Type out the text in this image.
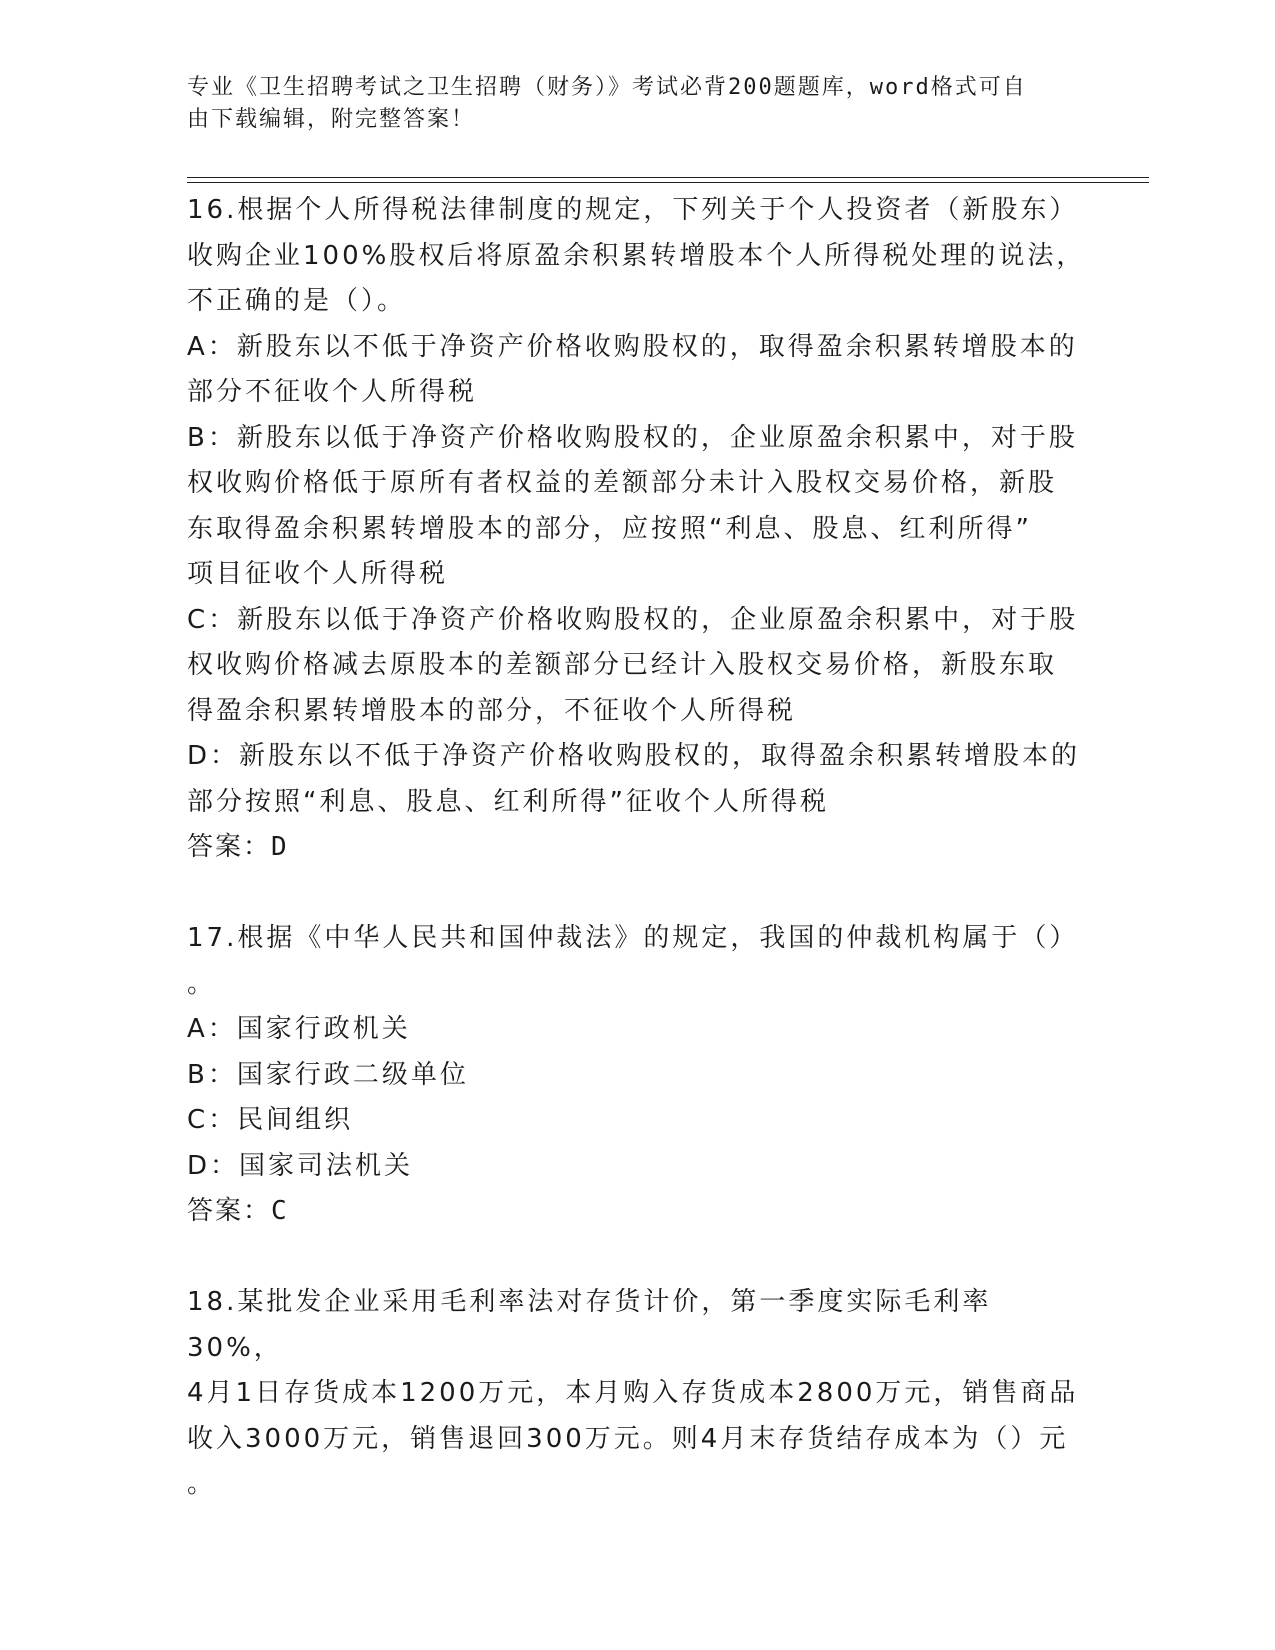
专业《卫生招聘考试之卫生招聘（财务）》考试必背200题题库，word格式可自
由下载编辑，附完整答案！

16.根据个人所得税法律制度的规定，下列关于个人投资者（新股东）

收购企业100%股权后将原盈余积累转增股本个人所得税处理的说法，

不正确的是（）。

A：新股东以不低于净资产价格收购股权的，取得盈余积累转增股本的

部分不征收个人所得税

B：新股东以低于净资产价格收购股权的，企业原盈余积累中，对于股

权收购价格低于原所有者权益的差额部分未计入股权交易价格，新股

东取得盈余积累转增股本的部分，应按照“利息、股息、红利所得”

项目征收个人所得税

C：新股东以低于净资产价格收购股权的，企业原盈余积累中，对于股

权收购价格减去原股本的差额部分已经计入股权交易价格，新股东取

得盈余积累转增股本的部分，不征收个人所得税

D：新股东以不低于净资产价格收购股权的，取得盈余积累转增股本的

部分按照“利息、股息、红利所得”征收个人所得税

答案：D

17.根据《中华人民共和国仲裁法》的规定，我国的仲裁机构属于（）

。

A：国家行政机关

B：国家行政二级单位

C：民间组织

D：国家司法机关

答案：C

18.某批发企业采用毛利率法对存货计价，第一季度实际毛利率30%，

4月1日存货成本1200万元，本月购入存货成本2800万元，销售商品

收入3000万元，销售退回300万元。则4月末存货结存成本为（）元

。
